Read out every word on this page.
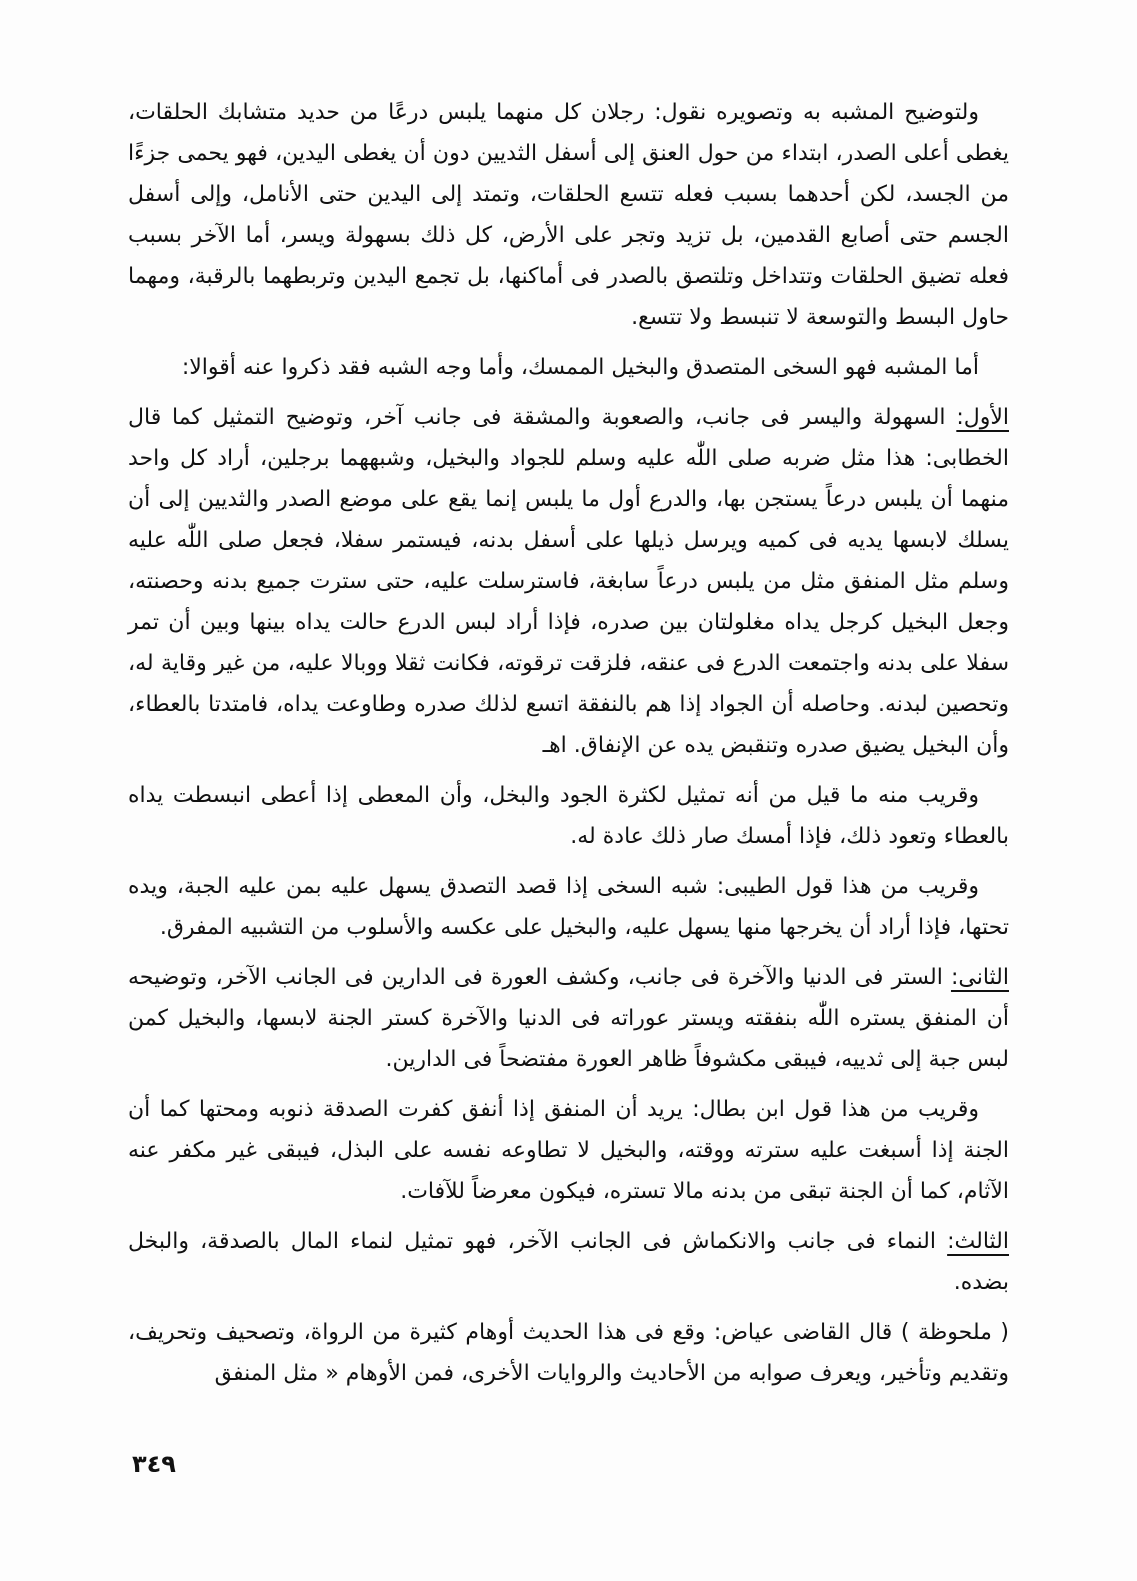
ولتوضيح المشبه به وتصويره نقول: رجلان كل منهما يلبس درعًا من حديد متشابك الحلقات، يغطى أعلى الصدر، ابتداء من حول العنق إلى أسفل الثديين دون أن يغطى اليدين، فهو يحمى جزءًا من الجسد، لكن أحدهما بسبب فعله تتسع الحلقات، وتمتد إلى اليدين حتى الأنامل، وإلى أسفل الجسم حتى أصابع القدمين، بل تزيد وتجر على الأرض، كل ذلك بسهولة ويسر، أما الآخر بسبب فعله تضيق الحلقات وتتداخل وتلتصق بالصدر فى أماكنها، بل تجمع اليدين وتربطهما بالرقبة، ومهما حاول البسط والتوسعة لا تنبسط ولا تتسع.

أما المشبه فهو السخى المتصدق والبخيل الممسك، وأما وجه الشبه فقد ذكروا عنه أقوالا:

الأول: السهولة واليسر فى جانب، والصعوبة والمشقة فى جانب آخر، وتوضيح التمثيل كما قال الخطابى: هذا مثل ضربه صلى اللّٰه عليه وسلم للجواد والبخيل، وشبههما برجلين، أراد كل واحد منهما أن يلبس درعاً يستجن بها، والدرع أول ما يلبس إنما يقع على موضع الصدر والثديين إلى أن يسلك لابسها يديه فى كميه ويرسل ذيلها على أسفل بدنه، فيستمر سفلا، فجعل صلى اللّٰه عليه وسلم مثل المنفق مثل من يلبس درعاً سابغة، فاسترسلت عليه، حتى سترت جميع بدنه وحصنته، وجعل البخيل كرجل يداه مغلولتان بين صدره، فإذا أراد لبس الدرع حالت يداه بينها وبين أن تمر سفلا على بدنه واجتمعت الدرع فى عنقه، فلزقت ترقوته، فكانت ثقلا ووبالا عليه، من غير وقاية له، وتحصين لبدنه. وحاصله أن الجواد إذا هم بالنفقة اتسع لذلك صدره وطاوعت يداه، فامتدتا بالعطاء، وأن البخيل يضيق صدره وتنقبض يده عن الإنفاق. اهـ

وقريب منه ما قيل من أنه تمثيل لكثرة الجود والبخل، وأن المعطى إذا أعطى انبسطت يداه بالعطاء وتعود ذلك، فإذا أمسك صار ذلك عادة له.

وقريب من هذا قول الطيبى: شبه السخى إذا قصد التصدق يسهل عليه بمن عليه الجبة، ويده تحتها، فإذا أراد أن يخرجها منها يسهل عليه، والبخيل على عكسه والأسلوب من التشبيه المفرق.

الثانى: الستر فى الدنيا والآخرة فى جانب، وكشف العورة فى الدارين فى الجانب الآخر، وتوضيحه أن المنفق يستره اللّٰه بنفقته ويستر عوراته فى الدنيا والآخرة كستر الجنة لابسها، والبخيل كمن لبس جبة إلى ثدييه، فيبقى مكشوفاً ظاهر العورة مفتضحاً فى الدارين.

وقريب من هذا قول ابن بطال: يريد أن المنفق إذا أنفق كفرت الصدقة ذنوبه ومحتها كما أن الجنة إذا أسبغت عليه سترته ووقته، والبخيل لا تطاوعه نفسه على البذل، فيبقى غير مكفر عنه الآثام، كما أن الجنة تبقى من بدنه مالا تستره، فيكون معرضاً للآفات.

الثالث: النماء فى جانب والانكماش فى الجانب الآخر، فهو تمثيل لنماء المال بالصدقة، والبخل بضده.

( ملحوظة ) قال القاضى عياض: وقع فى هذا الحديث أوهام كثيرة من الرواة، وتصحيف وتحريف، وتقديم وتأخير، ويعرف صوابه من الأحاديث والروايات الأخرى، فمن الأوهام « مثل المنفق

٣٤٩
